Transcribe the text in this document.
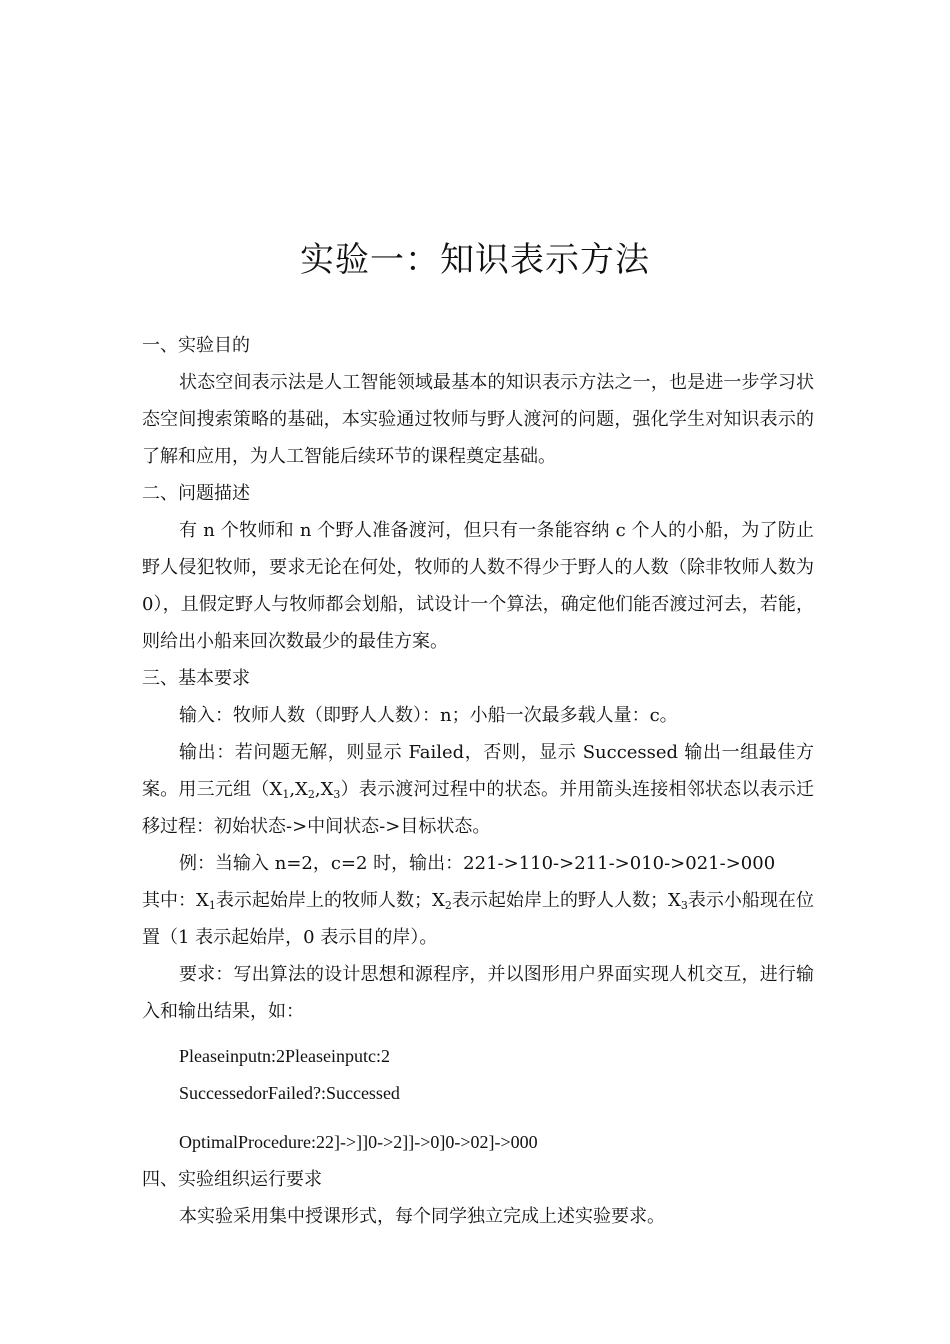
实验一：知识表示方法

一、实验目的

状态空间表示法是人工智能领域最基本的知识表示方法之一，也是进一步学习状态空间搜索策略的基础，本实验通过牧师与野人渡河的问题，强化学生对知识表示的了解和应用，为人工智能后续环节的课程奠定基础。

二、问题描述

有 n 个牧师和 n 个野人准备渡河，但只有一条能容纳 c 个人的小船，为了防止野人侵犯牧师，要求无论在何处，牧师的人数不得少于野人的人数（除非牧师人数为 0），且假定野人与牧师都会划船，试设计一个算法，确定他们能否渡过河去，若能，则给出小船来回次数最少的最佳方案。

三、基本要求

输入：牧师人数（即野人人数）：n；小船一次最多载人量：c。

输出：若问题无解，则显示 Failed，否则，显示 Successed 输出一组最佳方案。用三元组$(X_1,X_2,X_3)$表示渡河过程中的状态。并用箭头连接相邻状态以表示迁移过程：初始状态->中间状态->目标状态。

例：当输入 n=2，c=2 时，输出：221->110->211->010->021->000

其中：$X_1$表示起始岸上的牧师人数；$X_2$表示起始岸上的野人人数；$X_3$表示小船现在位置（1 表示起始岸，0 表示目的岸）。

要求：写出算法的设计思想和源程序，并以图形用户界面实现人机交互，进行输入和输出结果，如：

Pleaseinputn:2Pleaseinputc:2

SuccessedorFailed?:Successed

OptimalProcedure:22]->]]0->2]]->0]0->02]->000

四、实验组织运行要求

本实验采用集中授课形式，每个同学独立完成上述实验要求。
